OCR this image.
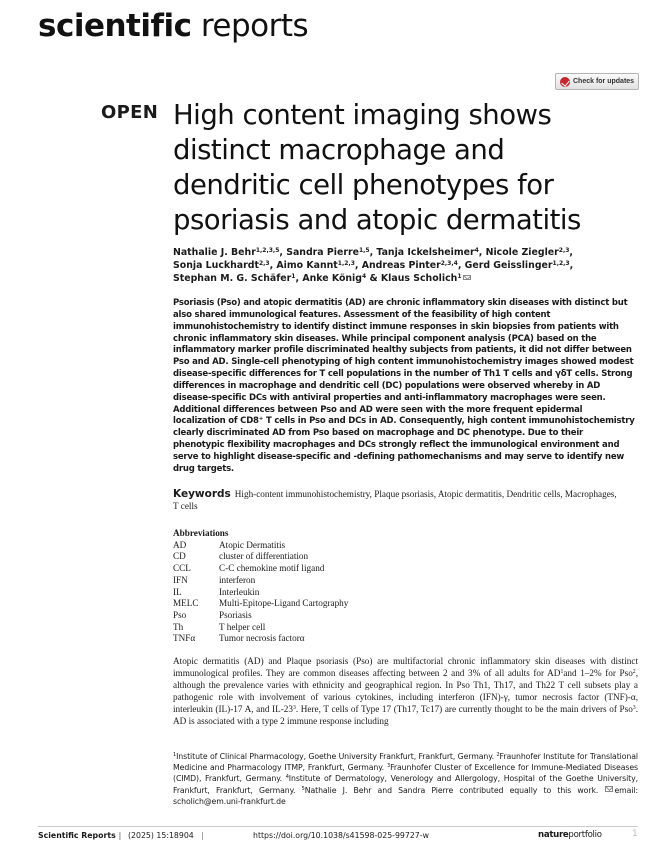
scientific reports
Check for updates
OPEN High content imaging shows distinct macrophage and dendritic cell phenotypes for psoriasis and atopic dermatitis
Nathalie J. Behr$^{1,2,3,5}$, Sandra Pierre$^{1,5}$, Tanja Ickelsheimer$^4$, Nicole Ziegler$^{2,3}$,
Sonja Luckhardt$^{2,3}$, Aimo Kannt$^{1,2,3}$, Andreas Pinter$^{2,3,4}$, Gerd Geisslinger$^{1,2,3}$,
Stephan M. G. Schäfer$^1$, Anke König$^4$ & Klaus Scholich$^1$

Psoriasis (Pso) and atopic dermatitis (AD) are chronic inflammatory skin diseases with distinct but also shared immunological features. Assessment of the feasibility of high content immunohistochemistry to identify distinct immune responses in skin biopsies from patients with chronic inflammatory skin diseases. While principal component analysis (PCA) based on the inflammatory marker profile discriminated healthy subjects from patients, it did not differ between Pso and AD. Single-cell phenotyping of high content immunohistochemistry images showed modest disease-specific differences for T cell populations in the number of Th1 T cells and γδT cells. Strong differences in macrophage and dendritic cell (DC) populations were observed whereby in AD disease-specific DCs with antiviral properties and anti-inflammatory macrophages were seen. Additional differences between Pso and AD were seen with the more frequent epidermal localization of CD8+ T cells in Pso and DCs in AD. Consequently, high content immunohistochemistry clearly discriminated AD from Pso based on macrophage and DC phenotype. Due to their phenotypic flexibility macrophages and DCs strongly reflect the immunological environment and serve to highlight disease-specific and -defining pathomechanisms and may serve to identify new drug targets.

Keywords High-content immunohistochemistry, Plaque psoriasis, Atopic dermatitis, Dendritic cells, Macrophages, T cells

Abbreviations
AD	Atopic Dermatitis
CD	cluster of differentiation
CCL	C-C chemokine motif ligand
IFN	interferon
IL	Interleukin
MELC	Multi-Epitope-Ligand Cartography
Pso	Psoriasis
Th	T helper cell
TNFα	Tumor necrosis factorα

Atopic dermatitis (AD) and Plaque psoriasis (Pso) are multifactorial chronic inflammatory skin diseases with distinct immunological profiles. They are common diseases affecting between 2 and 3% of all adults for $AD^1and$ 1–2% for Pso$^2$, although the prevalence varies with ethnicity and geographical region. In Pso Th1, Th17, and Th22 T cell subsets play a pathogenic role with involvement of various cytokines, including interferon (IFN)-γ, tumor necrosis factor (TNF)-α, interleukin (IL)-17 A, and $IL-23^3$. Here, T cells of Type 17 (Th17, Tc17) are currently thought to be the main drivers of Pso$^3$. AD is associated with a type 2 immune response including

$^1$Institute of Clinical Pharmacology, Goethe University Frankfurt, Frankfurt, Germany. $^2$Fraunhofer Institute for Translational Medicine and Pharmacology ITMP, Frankfurt, Germany. $^3$Fraunhofer Cluster of Excellence for Immune-Mediated Diseases (CIMD), Frankfurt, Germany. $^4$Institute of Dermatology, Venerology and Allergology, Hospital of the Goethe University, Frankfurt, Frankfurt, Germany. $^5$Nathalie J. Behr and Sandra Pierre contributed equally to this work. email: scholich@em.uni-frankfurt.de

Scientific Reports | (2025) 15:18904 |	https://doi.org/10.1038/s41598-025-99727-w	natureportfolio	1
